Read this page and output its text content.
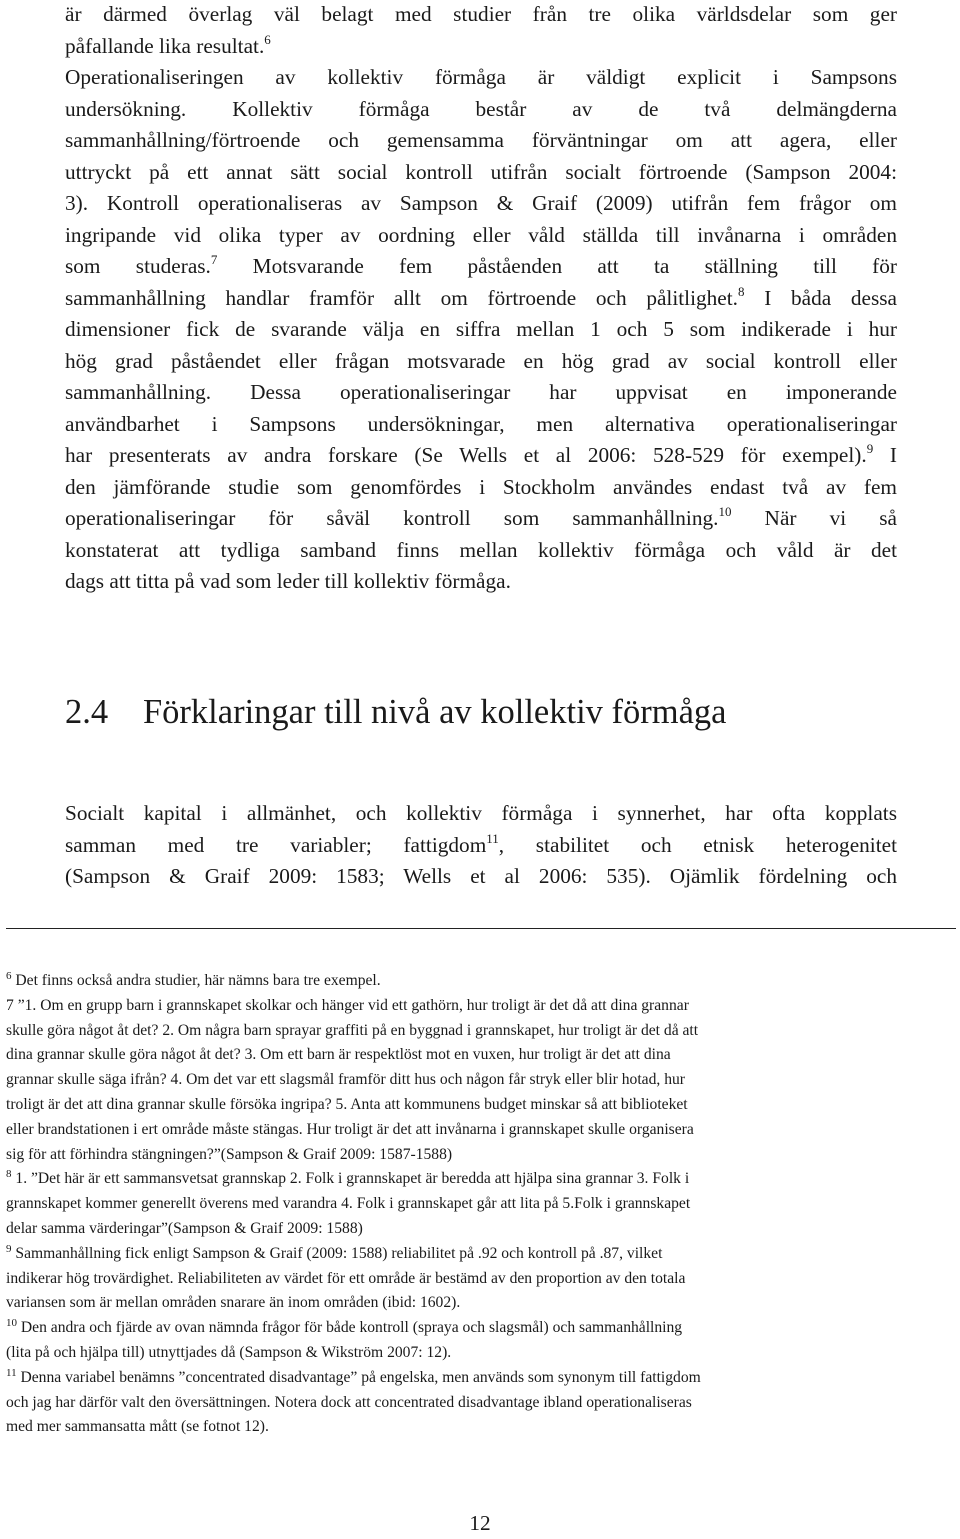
är därmed överlag väl belagt med studier från tre olika världsdelar som ger
påfallande lika resultat.$^6$
Operationaliseringen av kollektiv förmåga är väldigt explicit i Sampsons
undersökning. Kollektiv förmåga består av de två delmängderna
sammanhållning/förtroende och gemensamma förväntningar om att agera, eller
uttryckt på ett annat sätt social kontroll utifrån socialt förtroende (Sampson 2004:
3). Kontroll operationaliseras av Sampson & Graif (2009) utifrån fem frågor om
ingripande vid olika typer av oordning eller våld ställda till invånarna i områden
som studeras.$^7$ Motsvarande fem påståenden att ta ställning till för
sammanhållning handlar framför allt om förtroende och pålitlighet.$^8$ I båda dessa
dimensioner fick de svarande välja en siffra mellan 1 och 5 som indikerade i hur
hög grad påståendet eller frågan motsvarade en hög grad av social kontroll eller
sammanhållning. Dessa operationaliseringar har uppvisat en imponerande
användbarhet i Sampsons undersökningar, men alternativa operationaliseringar
har presenterats av andra forskare (Se Wells et al 2006: 528-529 för exempel).$^9$ I
den jämförande studie som genomfördes i Stockholm användes endast två av fem
operationaliseringar för såväl kontroll som sammanhållning.$^{10}$ När vi så
konstaterat att tydliga samband finns mellan kollektiv förmåga och våld är det
dags att titta på vad som leder till kollektiv förmåga.
2.4 Förklaringar till nivå av kollektiv förmåga
Socialt kapital i allmänhet, och kollektiv förmåga i synnerhet, har ofta kopplats
samman med tre variabler; fattigdom$^{11}$, stabilitet och etnisk heterogenitet
(Sampson & Graif 2009: 1583; Wells et al 2006: 535). Ojämlik fördelning och
$^6$ Det finns också andra studier, här nämns bara tre exempel.
7 ”1. Om en grupp barn i grannskapet skolkar och hänger vid ett gathörn, hur troligt är det då att dina grannar
skulle göra något åt det? 2. Om några barn sprayar graffiti på en byggnad i grannskapet, hur troligt är det då att
dina grannar skulle göra något åt det? 3. Om ett barn är respektlöst mot en vuxen, hur troligt är det att dina
grannar skulle säga ifrån? 4. Om det var ett slagsmål framför ditt hus och någon får stryk eller blir hotad, hur
troligt är det att dina grannar skulle försöka ingripa? 5. Anta att kommunens budget minskar så att biblioteket
eller brandstationen i ert område måste stängas. Hur troligt är det att invånarna i grannskapet skulle organisera
sig för att förhindra stängningen?”(Sampson & Graif 2009: 1587-1588)
$^8$ 1. ”Det här är ett sammansvetsat grannskap 2. Folk i grannskapet är beredda att hjälpa sina grannar 3. Folk i
grannskapet kommer generellt överens med varandra 4. Folk i grannskapet går att lita på 5.Folk i grannskapet
delar samma värderingar”(Sampson & Graif 2009: 1588)
$^9$ Sammanhållning fick enligt Sampson & Graif (2009: 1588) reliabilitet på .92 och kontroll på .87, vilket
indikerar hög trovärdighet. Reliabiliteten av värdet för ett område är bestämd av den proportion av den totala
variansen som är mellan områden snarare än inom områden (ibid: 1602).
$^{10}$ Den andra och fjärde av ovan nämnda frågor för både kontroll (spraya och slagsmål) och sammanhållning
(lita på och hjälpa till) utnyttjades då (Sampson & Wikström 2007: 12).
$^{11}$ Denna variabel benämns ”concentrated disadvantage” på engelska, men används som synonym till fattigdom
och jag har därför valt den översättningen. Notera dock att concentrated disadvantage ibland operationaliseras
med mer sammansatta mått (se fotnot 12).
12
